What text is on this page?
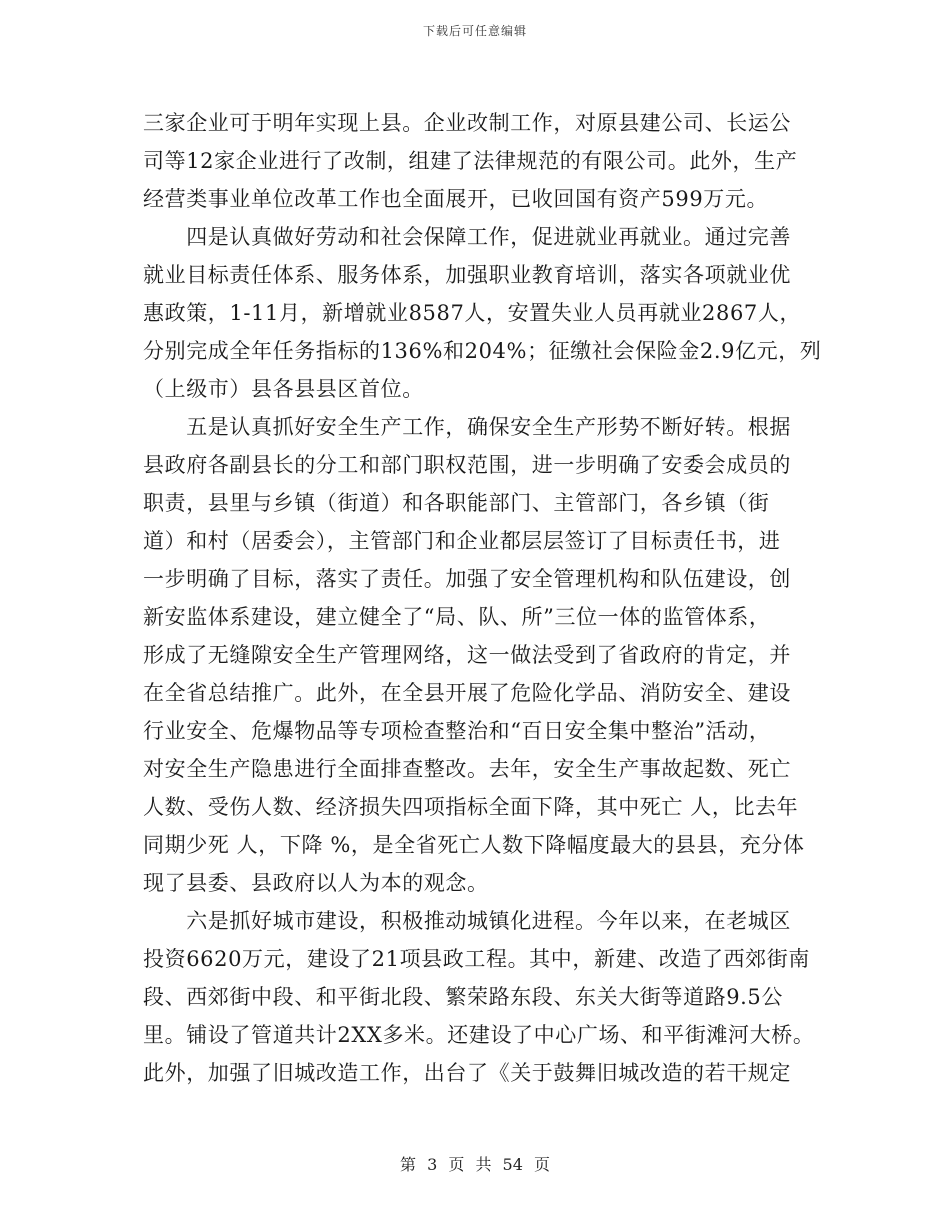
下载后可任意编辑
三家企业可于明年实现上县。企业改制工作，对原县建公司、长运公
司等12家企业进行了改制，组建了法律规范的有限公司。此外，生产
经营类事业单位改革工作也全面展开，已收回国有资产599万元。
　　四是认真做好劳动和社会保障工作，促进就业再就业。通过完善
就业目标责任体系、服务体系，加强职业教育培训，落实各项就业优
惠政策，1-11月，新增就业8587人，安置失业人员再就业2867人，
分别完成全年任务指标的136%和204%；征缴社会保险金2.9亿元，列
（上级市）县各县县区首位。
　　五是认真抓好安全生产工作，确保安全生产形势不断好转。根据
县政府各副县长的分工和部门职权范围，进一步明确了安委会成员的
职责，县里与乡镇（街道）和各职能部门、主管部门，各乡镇（街
道）和村（居委会），主管部门和企业都层层签订了目标责任书，进
一步明确了目标，落实了责任。加强了安全管理机构和队伍建设，创
新安监体系建设，建立健全了“局、队、所”三位一体的监管体系，
形成了无缝隙安全生产管理网络，这一做法受到了省政府的肯定，并
在全省总结推广。此外，在全县开展了危险化学品、消防安全、建设
行业安全、危爆物品等专项检查整治和“百日安全集中整治”活动，
对安全生产隐患进行全面排查整改。去年，安全生产事故起数、死亡
人数、受伤人数、经济损失四项指标全面下降，其中死亡 人，比去年
同期少死 人，下降 %，是全省死亡人数下降幅度最大的县县，充分体
现了县委、县政府以人为本的观念。
　　六是抓好城市建设，积极推动城镇化进程。今年以来，在老城区
投资6620万元，建设了21项县政工程。其中，新建、改造了西郊街南
段、西郊街中段、和平街北段、繁荣路东段、东关大街等道路9.5公
里。铺设了管道共计2XX多米。还建设了中心广场、和平街滩河大桥。
此外，加强了旧城改造工作，出台了《关于鼓舞旧城改造的若干规定
第 3 页 共 54 页
